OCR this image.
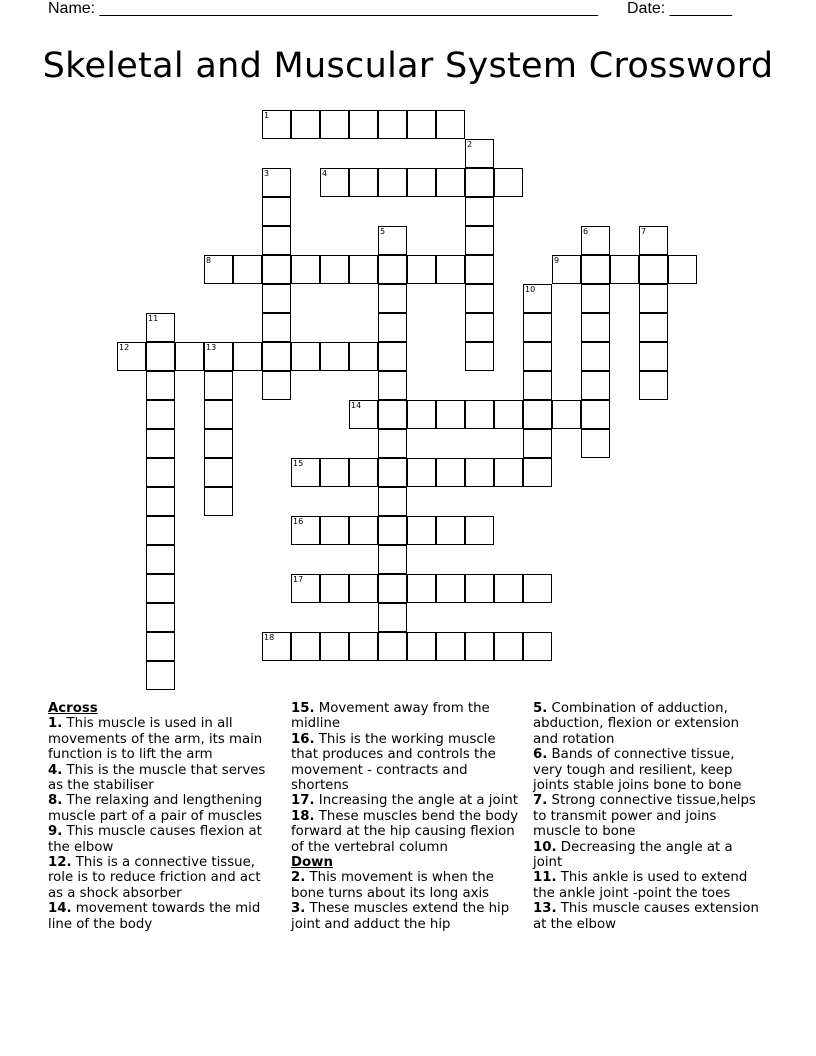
Name: ________________________________________________________ Date: _______
Skeletal and Muscular System Crossword
1
4
8	9
12	13
14
15
16
17
18
2
3
5	6	7
10
11
Across
1. This muscle is used in all movements of the arm, its main function is to lift the arm
4. This is the muscle that serves as the stabiliser
8. The relaxing and lengthening muscle part of a pair of muscles
9. This muscle causes flexion at the elbow
12. This is a connective tissue, role is to reduce friction and act as a shock absorber
14. movement towards the mid line of the body
15. Movement away from the midline
16. This is the working muscle that produces and controls the movement - contracts and shortens
17. Increasing the angle at a joint
18. These muscles bend the body forward at the hip causing flexion of the vertebral column
Down
2. This movement is when the bone turns about its long axis
3. These muscles extend the hip joint and adduct the hip
5. Combination of adduction, abduction, flexion or extension and rotation
6. Bands of connective tissue, very tough and resilient, keep joints stable joins bone to bone
7. Strong connective tissue,helps to transmit power and joins muscle to bone
10. Decreasing the angle at a joint
11. This ankle is used to extend the ankle joint -point the toes
13. This muscle causes extension at the elbow
